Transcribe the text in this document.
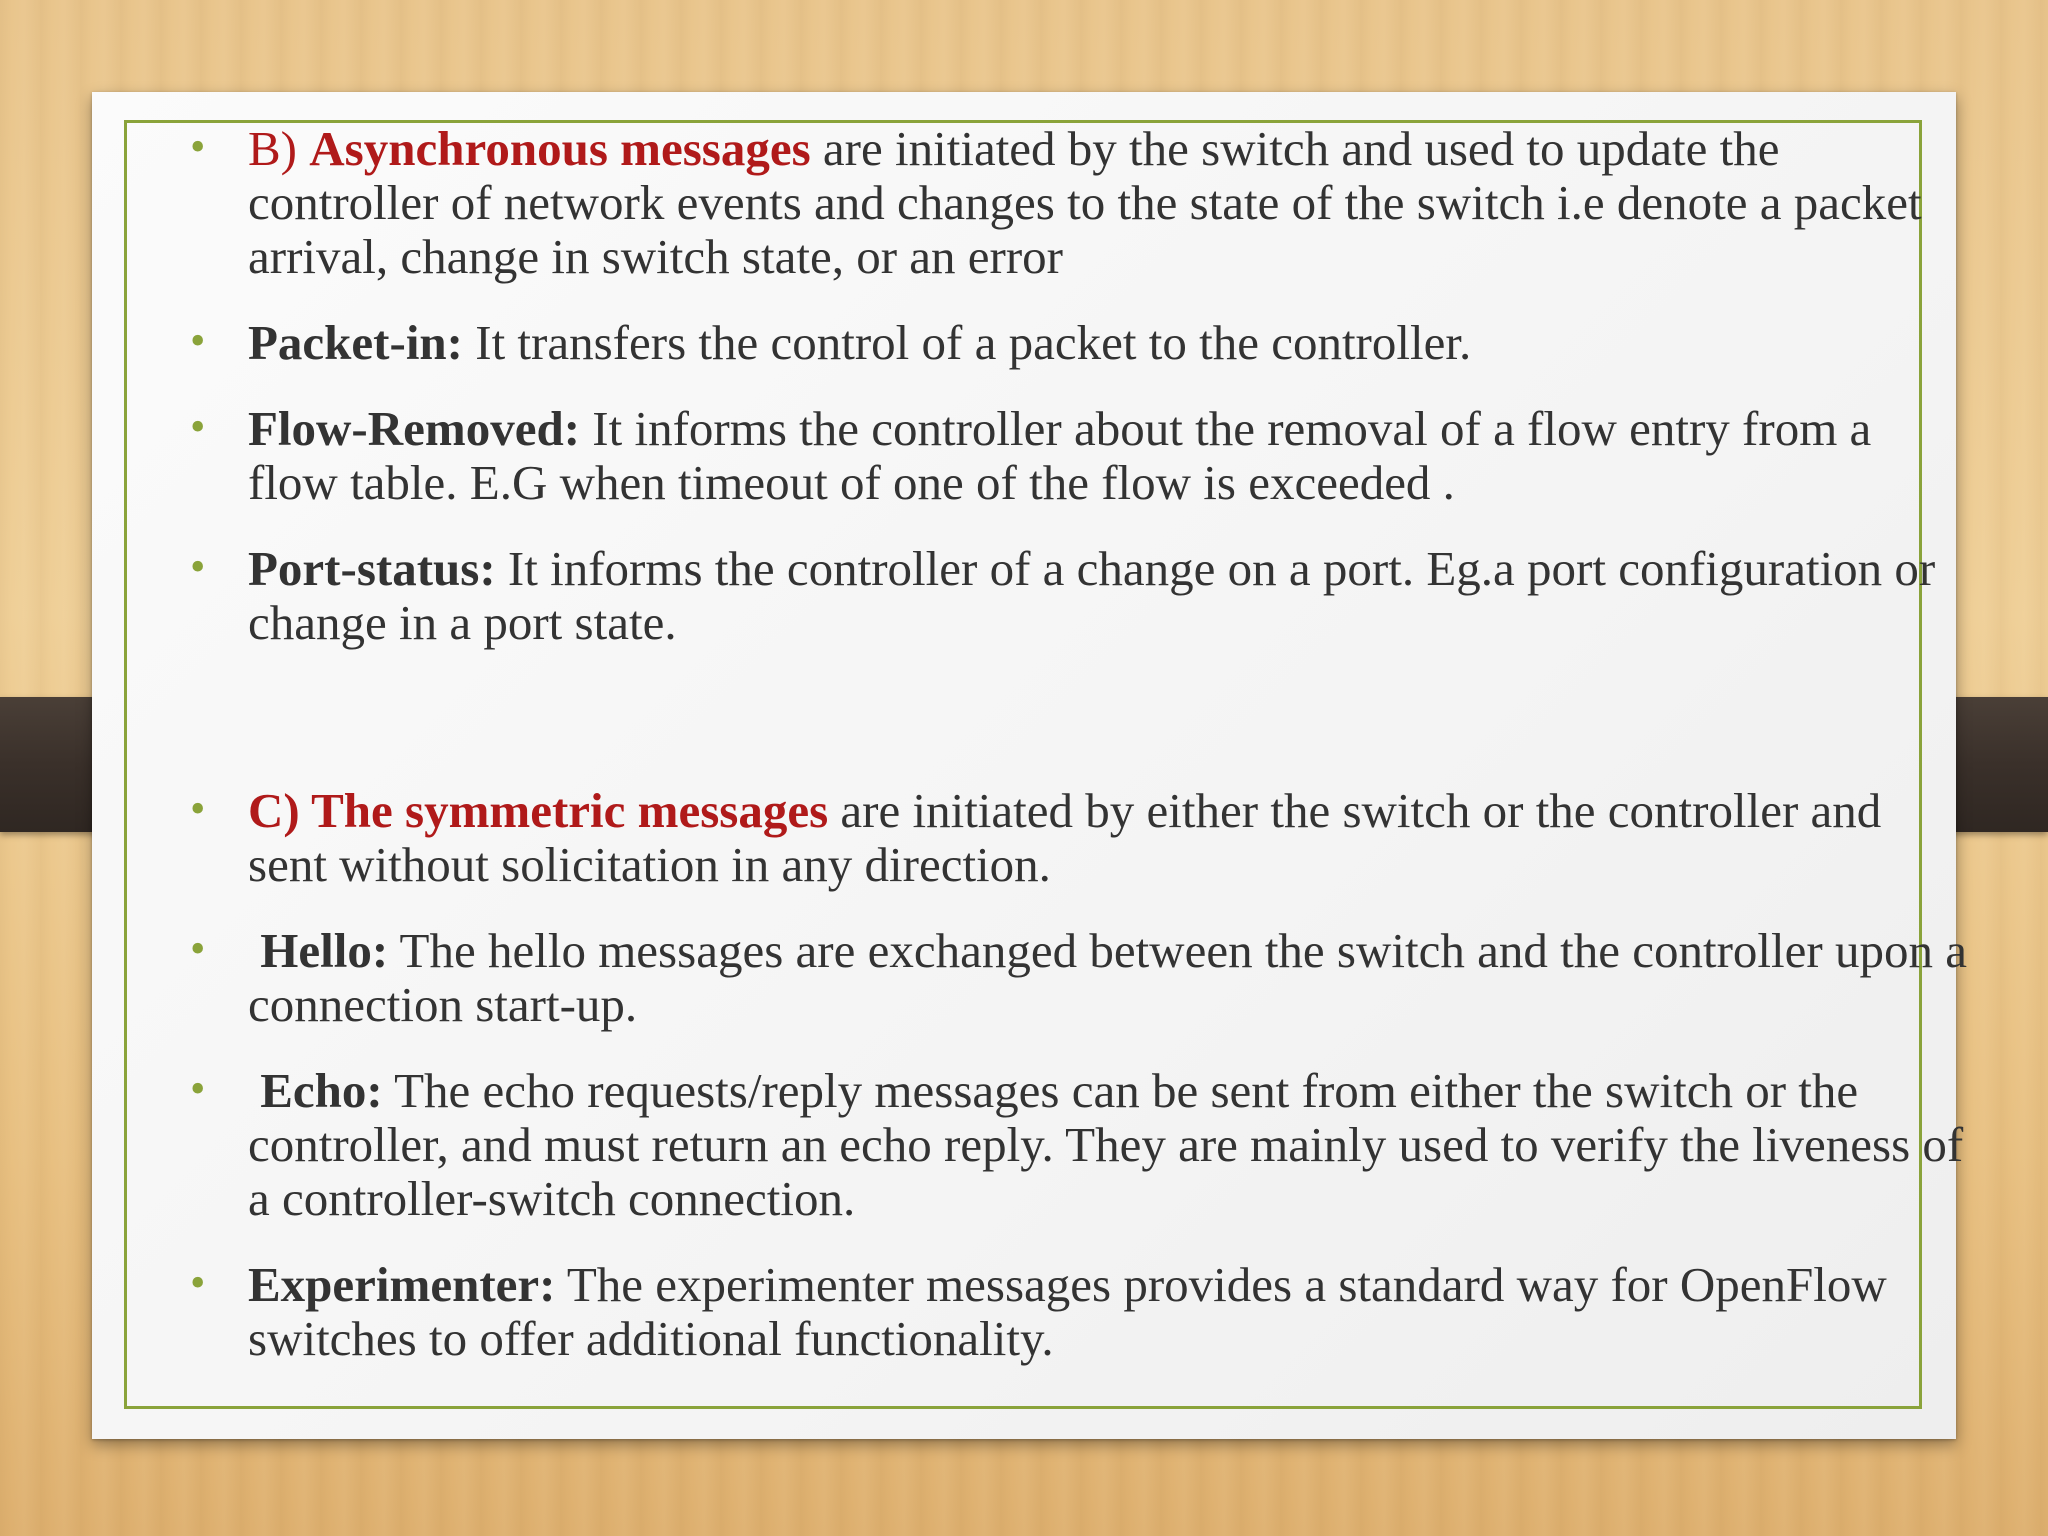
• B) Asynchronous messages are initiated by the switch and used to update the controller of network events and changes to the state of the switch i.e denote a packet arrival, change in switch state, or an error
• Packet-in: It transfers the control of a packet to the controller.
• Flow-Removed: It informs the controller about the removal of a flow entry from a flow table. E.G when timeout of one of the flow is exceeded .
• Port-status: It informs the controller of a change on a port. Eg.a port configuration or change in a port state.
• C) The symmetric messages are initiated by either the switch or the controller and sent without solicitation in any direction.
• Hello: The hello messages are exchanged between the switch and the controller upon a connection start-up.
• Echo: The echo requests/reply messages can be sent from either the switch or the controller, and must return an echo reply. They are mainly used to verify the liveness of a controller-switch connection.
• Experimenter: The experimenter messages provides a standard way for OpenFlow switches to offer additional functionality.
